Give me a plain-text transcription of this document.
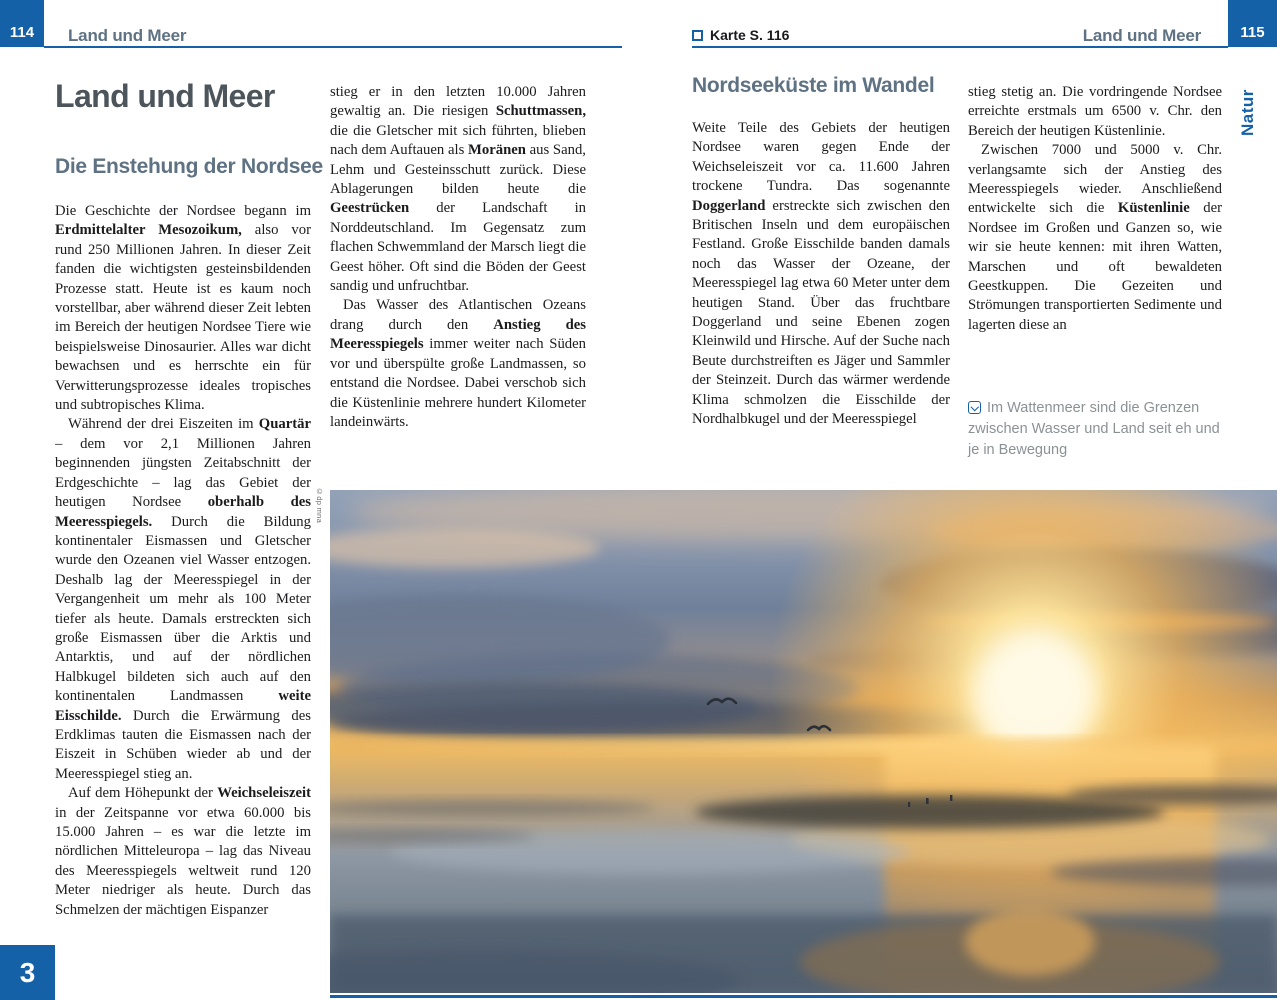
114 Land und Meer	Karte S. 116	Land und Meer	115
Natur
Land und Meer
Die Enstehung der Nordsee

Die Geschichte der Nordsee begann im Erdmittelalter Mesozoikum, also vor rund 250 Millionen Jahren. In dieser Zeit fanden die wichtigsten gesteinsbildenden Prozesse statt. Heute ist es kaum noch vorstellbar, aber während dieser Zeit lebten im Bereich der heutigen Nordsee Tiere wie beispielsweise Dinosaurier. Alles war dicht bewachsen und es herrschte ein für Verwitterungsprozesse ideales tropisches und subtropisches Klima.

Während der drei Eiszeiten im Quartär – dem vor 2,1 Millionen Jahren beginnenden jüngsten Zeitabschnitt der Erdgeschichte – lag das Gebiet der heutigen Nordsee oberhalb des Meeresspiegels. Durch die Bildung kontinentaler Eismassen und Gletscher wurde den Ozeanen viel Wasser entzogen. Deshalb lag der Meeresspiegel in der Vergangenheit um mehr als 100 Meter tiefer als heute. Damals erstreckten sich große Eismassen über die Arktis und Antarktis, und auf der nördlichen Halbkugel bildeten sich auch auf den kontinentalen Landmassen weite Eisschilde. Durch die Erwärmung des Erdklimas tauten die Eismassen nach der Eiszeit in Schüben wieder ab und der Meeresspiegel stieg an.

Auf dem Höhepunkt der Weichseleiszeit in der Zeitspanne vor etwa 60.000 bis 15.000 Jahren – es war die letzte im nördlichen Mitteleuropa – lag das Niveau des Meeresspiegels weltweit rund 120 Meter niedriger als heute. Durch das Schmelzen der mächtigen Eispanzer

stieg er in den letzten 10.000 Jahren gewaltig an. Die riesigen Schuttmassen, die die Gletscher mit sich führten, blieben nach dem Auftauen als Moränen aus Sand, Lehm und Gesteinsschutt zurück. Diese Ablagerungen bilden heute die Geestrücken der Landschaft in Norddeutschland. Im Gegensatz zum flachen Schwemmland der Marsch liegt die Geest höher. Oft sind die Böden der Geest sandig und unfruchtbar.

Das Wasser des Atlantischen Ozeans drang durch den Anstieg des Meeresspiegels immer weiter nach Süden vor und überspülte große Landmassen, so entstand die Nordsee. Dabei verschob sich die Küstenlinie mehrere hundert Kilometer landeinwärts.

Nordseeküste im Wandel

Weite Teile des Gebiets der heutigen Nordsee waren gegen Ende der Weichseleiszeit vor ca. 11.600 Jahren trockene Tundra. Das sogenannte Doggerland erstreckte sich zwischen den Britischen Inseln und dem europäischen Festland. Große Eisschilde banden damals noch das Wasser der Ozeane, der Meeresspiegel lag etwa 60 Meter unter dem heutigen Stand. Über das fruchtbare Doggerland und seine Ebenen zogen Kleinwild und Hirsche. Auf der Suche nach Beute durchstreiften es Jäger und Sammler der Steinzeit. Durch das wärmer werdende Klima schmolzen die Eisschilde der Nordhalbkugel und der Meeresspiegel

stieg stetig an. Die vordringende Nordsee erreichte erstmals um 6500 v. Chr. den Bereich der heutigen Küstenlinie.

Zwischen 7000 und 5000 v. Chr. verlangsamte sich der Anstieg des Meeresspiegels wieder. Anschließend entwickelte sich die Küstenlinie der Nordsee im Großen und Ganzen so, wie wir sie heute kennen: mit ihren Watten, Marschen und oft bewaldeten Geestkuppen. Die Gezeiten und Strömungen transportierten Sedimente und lagerten diese an

Im Wattenmeer sind die Grenzen zwischen Wasser und Land seit eh und je in Bewegung
©dp mna
3
